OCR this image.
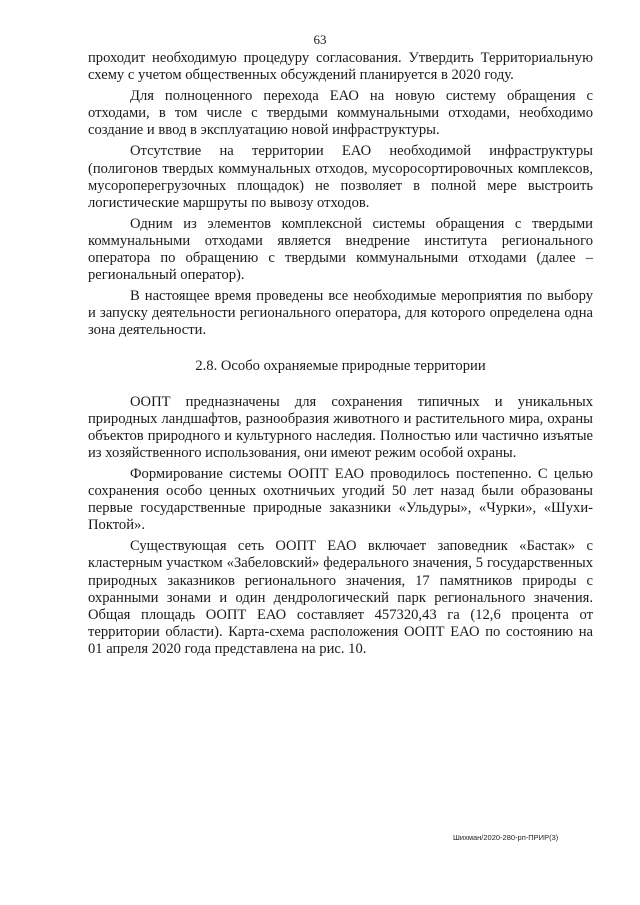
63

проходит необходимую процедуру согласования. Утвердить Территориальную схему с учетом общественных обсуждений планируется в 2020 году.

Для полноценного перехода ЕАО на новую систему обращения с отходами, в том числе с твердыми коммунальными отходами, необходимо создание и ввод в эксплуатацию новой инфраструктуры.

Отсутствие на территории ЕАО необходимой инфраструктуры (полигонов твердых коммунальных отходов, мусоросортировочных комплексов, мусороперегрузочных площадок) не позволяет в полной мере выстроить логистические маршруты по вывозу отходов.

Одним из элементов комплексной системы обращения с твердыми коммунальными отходами является внедрение института регионального оператора по обращению с твердыми коммунальными отходами (далее – региональный оператор).

В настоящее время проведены все необходимые мероприятия по выбору и запуску деятельности регионального оператора, для которого определена одна зона деятельности.

2.8. Особо охраняемые природные территории

ООПТ предназначены для сохранения типичных и уникальных природных ландшафтов, разнообразия животного и растительного мира, охраны объектов природного и культурного наследия. Полностью или частично изъятые из хозяйственного использования, они имеют режим особой охраны.

Формирование системы ООПТ ЕАО проводилось постепенно. С целью сохранения особо ценных охотничьих угодий 50 лет назад были образованы первые государственные природные заказники «Ульдуры», «Чурки», «Шухи-Поктой».

Существующая сеть ООПТ ЕАО включает заповедник «Бастак» с кластерным участком «Забеловский» федерального значения, 5 государственных природных заказников регионального значения, 17 памятников природы с охранными зонами и один дендрологический парк регионального значения. Общая площадь ООПТ ЕАО составляет 457320,43 га (12,6 процента от территории области). Карта-схема расположения ООПТ ЕАО по состоянию на 01 апреля 2020 года представлена на рис. 10.

Шихман/2020-280-рп-ПРИР(3)
